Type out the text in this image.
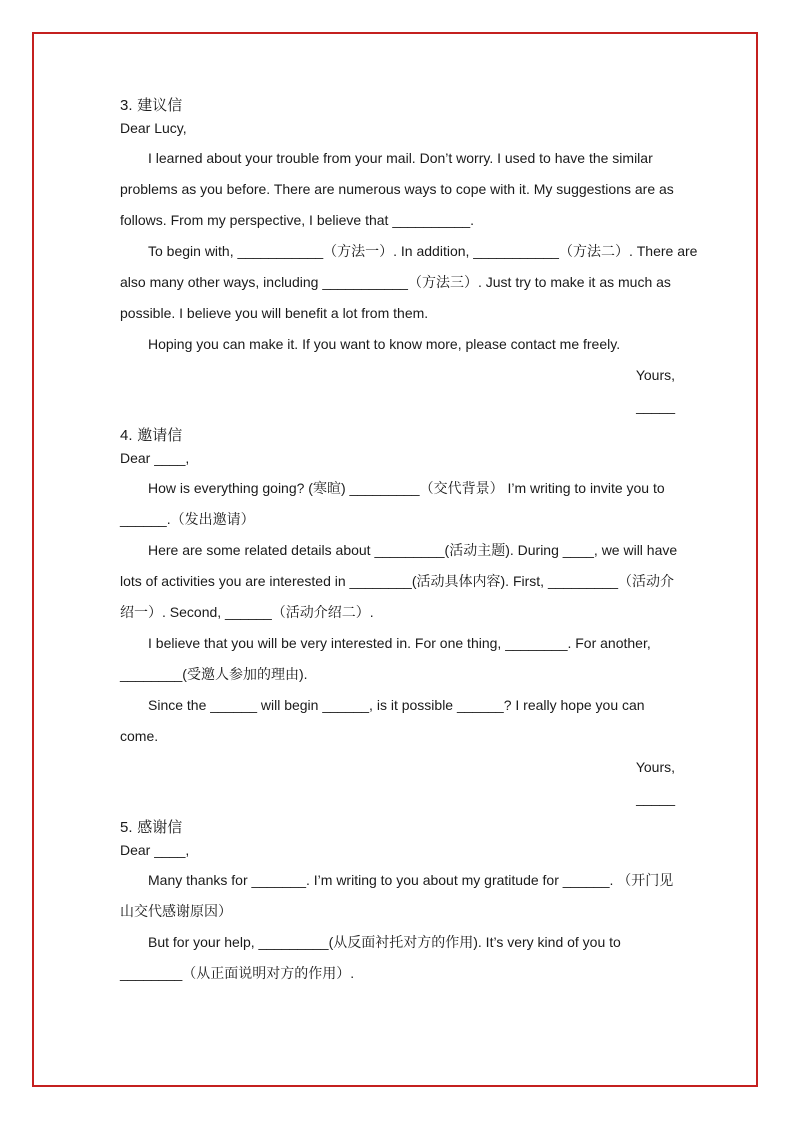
3. 建议信
Dear Lucy,
I learned about your trouble from your mail. Don’t worry. I used to have the similar
problems as you before. There are numerous ways to cope with it. My suggestions are as
follows. From my perspective, I believe that __________.
To begin with, ___________（方法一）. In addition, ___________（方法二）. There are
also many other ways, including ___________（方法三）. Just try to make it as much as
possible. I believe you will benefit a lot from them.
Hoping you can make it. If you want to know more, please contact me freely.
Yours,
_____
4. 邀请信
Dear ____,
How is everything going? (寒暄) _________（交代背景） I’m writing to invite you to
______.（发出邀请）
Here are some related details about _________(活动主题). During ____, we will have
lots of activities you are interested in ________(活动具体内容). First, _________（活动介
绍一）. Second, ______（活动介绍二）.
I believe that you will be very interested in. For one thing, ________. For another,
________(受邀人参加的理由).
Since the ______ will begin ______, is it possible ______? I really hope you can
come.
Yours,
_____
5. 感谢信
Dear ____,
Many thanks for _______. I’m writing to you about my gratitude for ______. （开门见
山交代感谢原因）
But for your help, _________(从反面衬托对方的作用). It’s very kind of you to
________（从正面说明对方的作用）.
